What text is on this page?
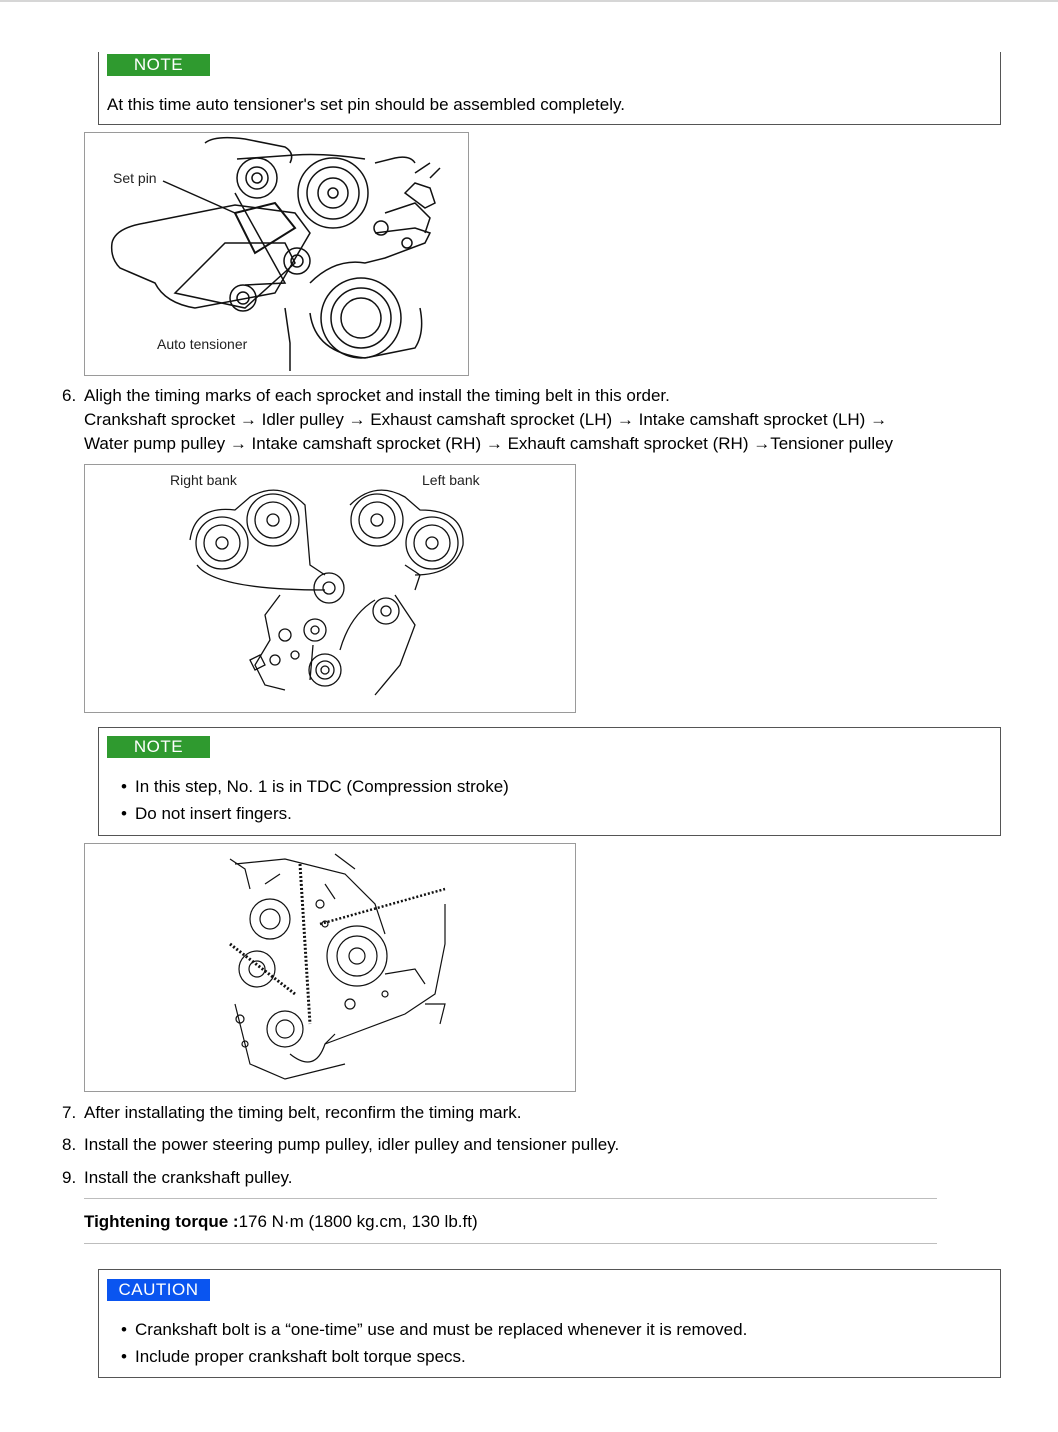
NOTE
At this time auto tensioner's set pin should be assembled completely.
Set pin
Auto tensioner
6. Aligh the timing marks of each sprocket and install the timing belt in this order.
Crankshaft sprocket → Idler pulley → Exhaust camshaft sprocket (LH) → Intake camshaft sprocket (LH) →
Water pump pulley → Intake camshaft sprocket (RH) → Exhauft camshaft sprocket (RH) →Tensioner pulley
Right bank	Left bank
NOTE
• In this step, No. 1 is in TDC (Compression stroke)
• Do not insert fingers.
7. After installating the timing belt, reconfirm the timing mark.
8. Install the power steering pump pulley, idler pulley and tensioner pulley.
9. Install the crankshaft pulley.
Tightening torque :176 N·m (1800 kg.cm, 130 lb.ft)
CAUTION
• Crankshaft bolt is a “one-time” use and must be replaced whenever it is removed.
• Include proper crankshaft bolt torque specs.
